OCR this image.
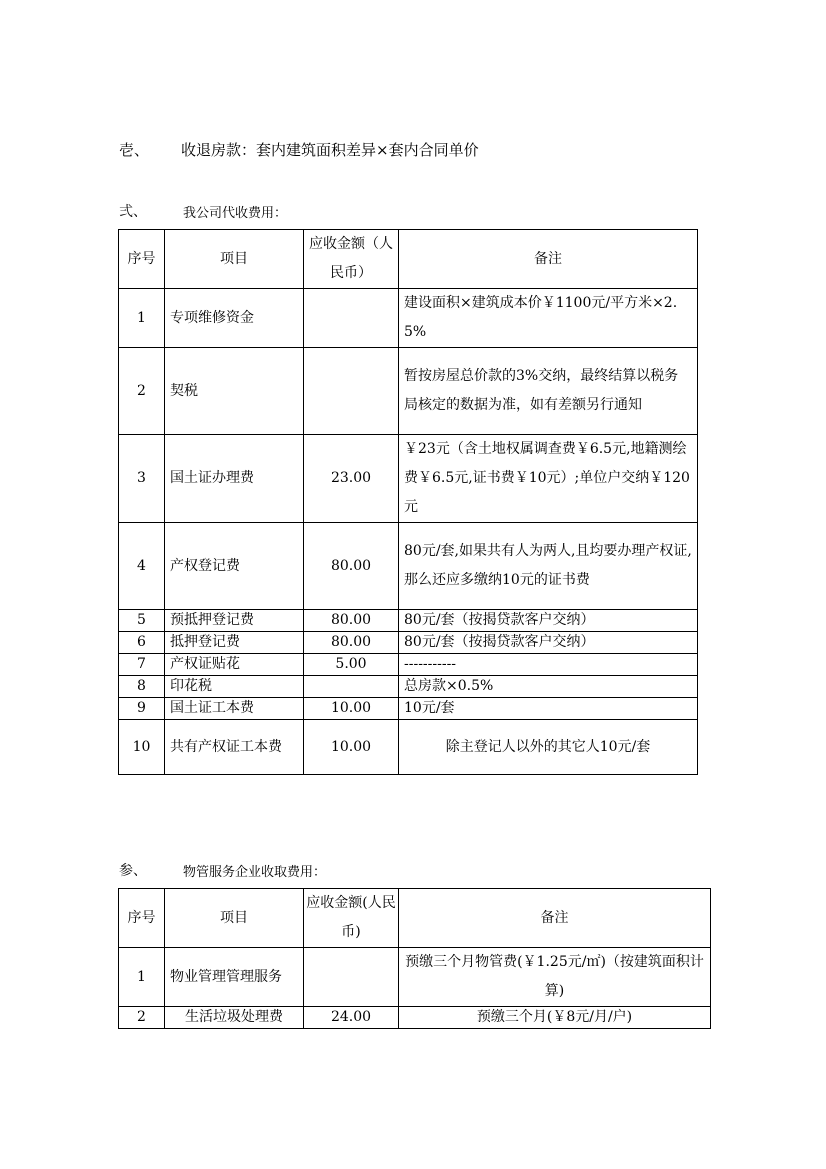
壱、 收退房款：套内建筑面积差异×套内合同单价
弍、	我公司代收费用：
序号	项目	应收金额（人民币）	备注
1	专项维修资金		建设面积×建筑成本价￥1100元/平方米×2.5%
2	契税		暂按房屋总价款的3%交纳，最终结算以税务局核定的数据为准，如有差额另行通知
3	国土证办理费	23.00	￥23元（含土地权属调查费￥6.5元,地籍测绘费￥6.5元,证书费￥10元）;单位户交纳￥120元
4	产权登记费	80.00	80元/套,如果共有人为两人,且均要办理产权证,那么还应多缴纳10元的证书费
5	预抵押登记费	80.00	80元/套（按揭贷款客户交纳）
6	抵押登记费	80.00	80元/套（按揭贷款客户交纳）
7	产权证贴花	5.00	-----------
8	印花税		总房款×0.5%
9	国土证工本费	10.00	10元/套
10	共有产权证工本费	10.00	除主登记人以外的其它人10元/套
参、	物管服务企业收取费用：
序号	项目	应收金额(人民币)	备注
1	物业管理管理服务		预缴三个月物管费(￥1.25元/㎡)（按建筑面积计算)
2	生活垃圾处理费	24.00	预缴三个月(￥8元/月/户)
